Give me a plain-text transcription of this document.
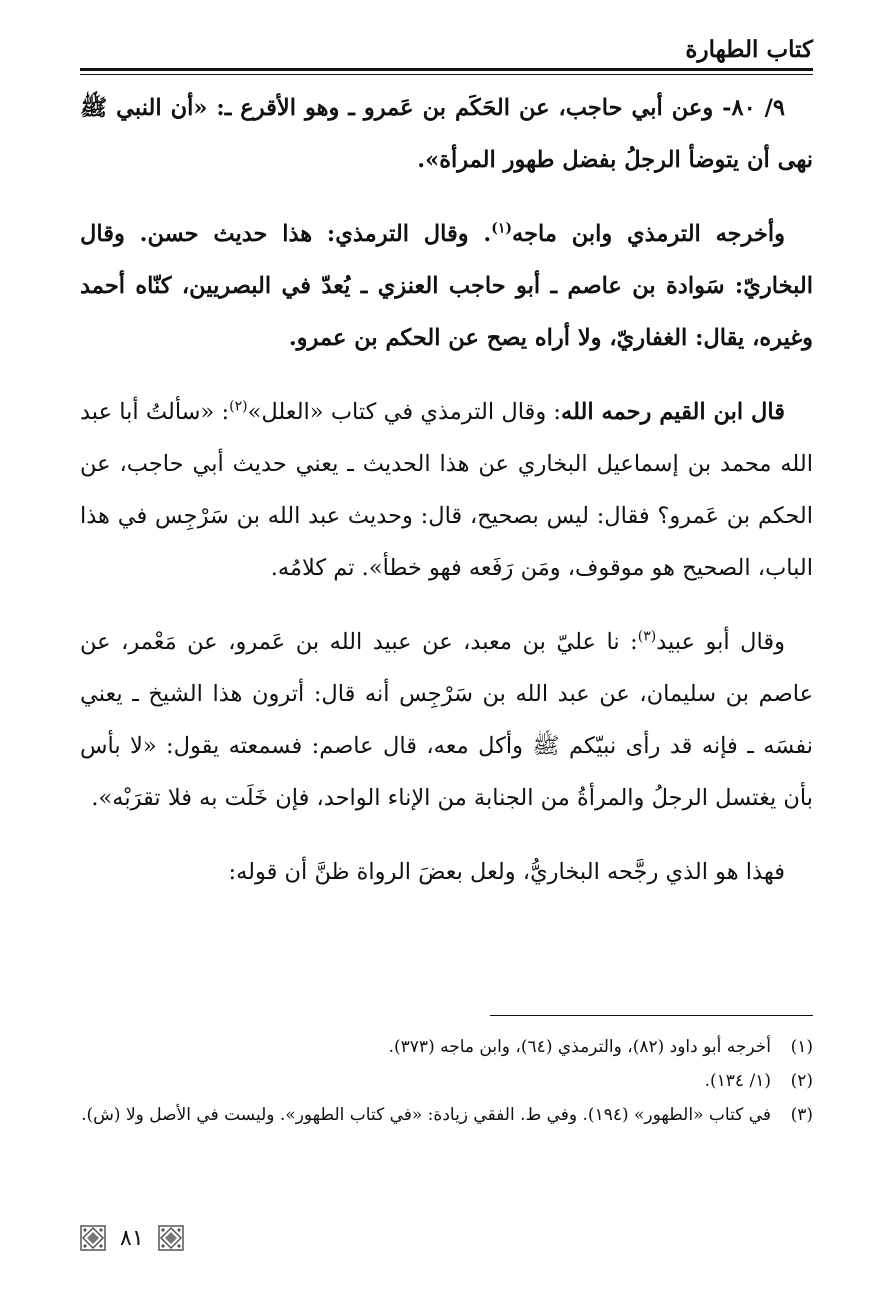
كتاب الطهارة

٩/ ٨٠- وعن أبي حاجب، عن الحَكَم بن عَمرو ـ وهو الأقرع ـ: «أن النبي ﷺ نهى أن يتوضأ الرجلُ بفضل طهور المرأة».

وأخرجه الترمذي وابن ماجه$^{(١)}$. وقال الترمذي: هذا حديث حسن. وقال البخاريّ: سَوادة بن عاصم ـ أبو حاجب العنزي ـ يُعدّ في البصريين، كنّاه أحمد وغيره، يقال: الغفاريّ، ولا أراه يصح عن الحكم بن عمرو.

قال ابن القيم رحمه الله: وقال الترمذي في كتاب «العلل»$^{(٢)}$: «سألتُ أبا عبد الله محمد بن إسماعيل البخاري عن هذا الحديث ـ يعني حديث أبي حاجب، عن الحكم بن عَمرو؟ فقال: ليس بصحيح، قال: وحديث عبد الله بن سَرْجِس في هذا الباب، الصحيح هو موقوف، ومَن رَفَعه فهو خطأ». تم كلامُه.

وقال أبو عبيد$^{(٣)}$: نا عليّ بن معبد، عن عبيد الله بن عَمرو، عن مَعْمر، عن عاصم بن سليمان، عن عبد الله بن سَرْجِس أنه قال: أترون هذا الشيخ ـ يعني نفسَه ـ فإنه قد رأى نبيّكم ﷺ وأكل معه، قال عاصم: فسمعته يقول: «لا بأس بأن يغتسل الرجلُ والمرأةُ من الجنابة من الإناء الواحد، فإن خَلَت به فلا تقرَبْه».

فهذا هو الذي رجَّحه البخاريُّ، ولعل بعضَ الرواة ظنَّ أن قوله:

(١)
أخرجه أبو داود (٨٢)، والترمذي (٦٤)، وابن ماجه (٣٧٣).
(٢)
(١/ ١٣٤).
(٣)
في كتاب «الطهور» (١٩٤). وفي ط. الفقي زيادة: «في كتاب الطهور». وليست في الأصل ولا (ش).
٨١
